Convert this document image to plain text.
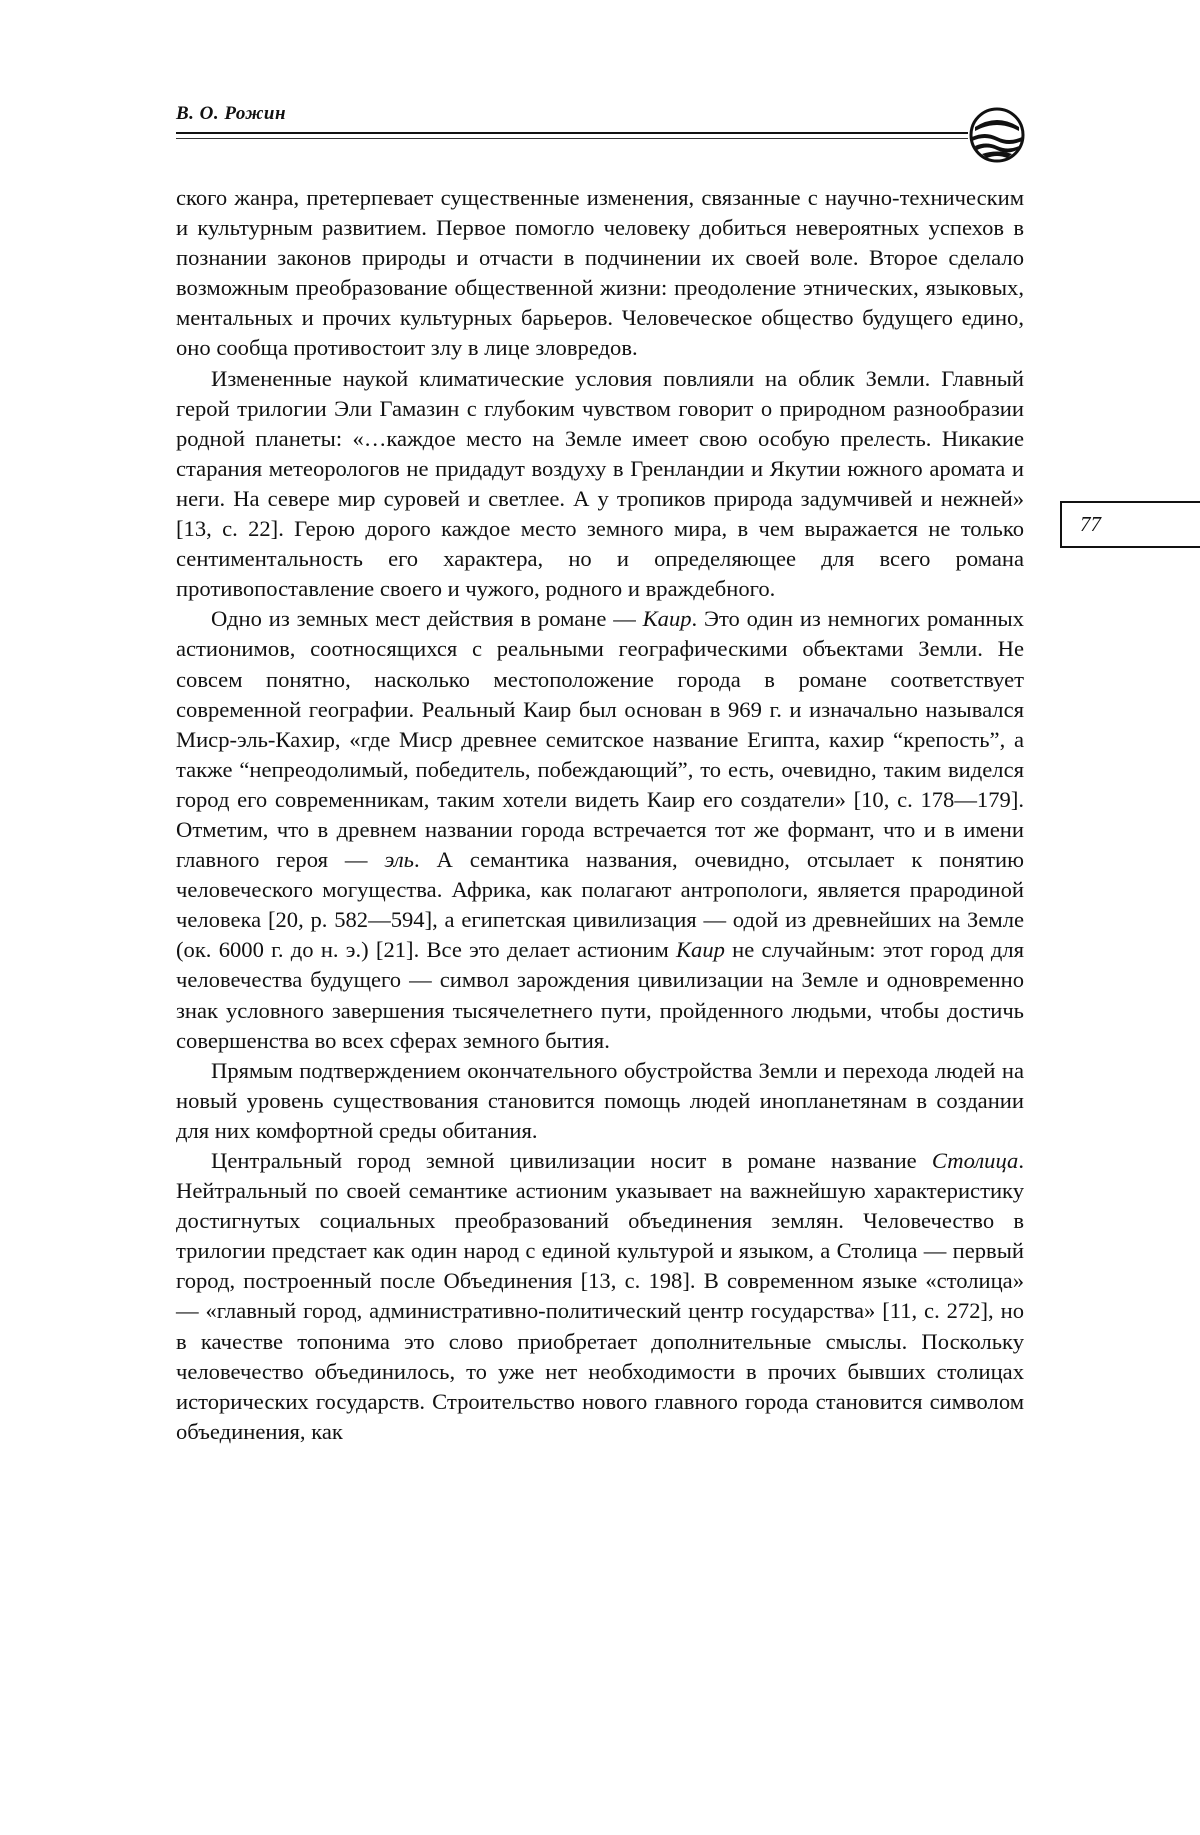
В. О. Рожин
77

ского жанра, претерпевает существенные изменения, связанные с научно-техническим и культурным развитием. Первое помогло человеку добиться невероятных успехов в познании законов природы и отчасти в подчинении их своей воле. Второе сделало возможным преобразование общественной жизни: преодоление этнических, языковых, ментальных и прочих культурных барьеров. Человеческое общество будущего едино, оно сообща противостоит злу в лице зловредов.

Измененные наукой климатические условия повлияли на облик Земли. Главный герой трилогии Эли Гамазин с глубоким чувством говорит о природном разнообразии родной планеты: «…каждое место на Земле имеет свою особую прелесть. Никакие старания метеорологов не придадут воздуху в Гренландии и Якутии южного аромата и неги. На севере мир суровей и светлее. А у тропиков природа задумчивей и нежней» [13, с. 22]. Герою дорого каждое место земного мира, в чем выражается не только сентиментальность его характера, но и определяющее для всего романа противопоставление своего и чужого, родного и враждебного.

Одно из земных мест действия в романе — Каир. Это один из немногих романных астионимов, соотносящихся с реальными географическими объектами Земли. Не совсем понятно, насколько местоположение города в романе соответствует современной географии. Реальный Каир был основан в 969 г. и изначально назывался Миср-эль-Кахир, «где Миср древнее семитское название Египта, кахир “крепость”, а также “непреодолимый, победитель, побеждающий”, то есть, очевидно, таким виделся город его современникам, таким хотели видеть Каир его создатели» [10, с. 178—179]. Отметим, что в древнем названии города встречается тот же формант, что и в имени главного героя — эль. А семантика названия, очевидно, отсылает к понятию человеческого могущества. Африка, как полагают антропологи, является прародиной человека [20, p. 582—594], а египетская цивилизация — одой из древнейших на Земле (ок. 6000 г. до н. э.) [21]. Все это делает астионим Каир не случайным: этот город для человечества будущего — символ зарождения цивилизации на Земле и одновременно знак условного завершения тысячелетнего пути, пройденного людьми, чтобы достичь совершенства во всех сферах земного бытия.

Прямым подтверждением окончательного обустройства Земли и перехода людей на новый уровень существования становится помощь людей инопланетянам в создании для них комфортной среды обитания.

Центральный город земной цивилизации носит в романе название Столица. Нейтральный по своей семантике астионим указывает на важнейшую характеристику достигнутых социальных преобразований объединения землян. Человечество в трилогии предстает как один народ с единой культурой и языком, а Столица — первый город, построенный после Объединения [13, с. 198]. В современном языке «столица» — «главный город, административно-политический центр государства» [11, с. 272], но в качестве топонима это слово приобретает дополнительные смыслы. Поскольку человечество объединилось, то уже нет необходимости в прочих бывших столицах исторических государств. Строительство нового главного города становится символом объединения, как
